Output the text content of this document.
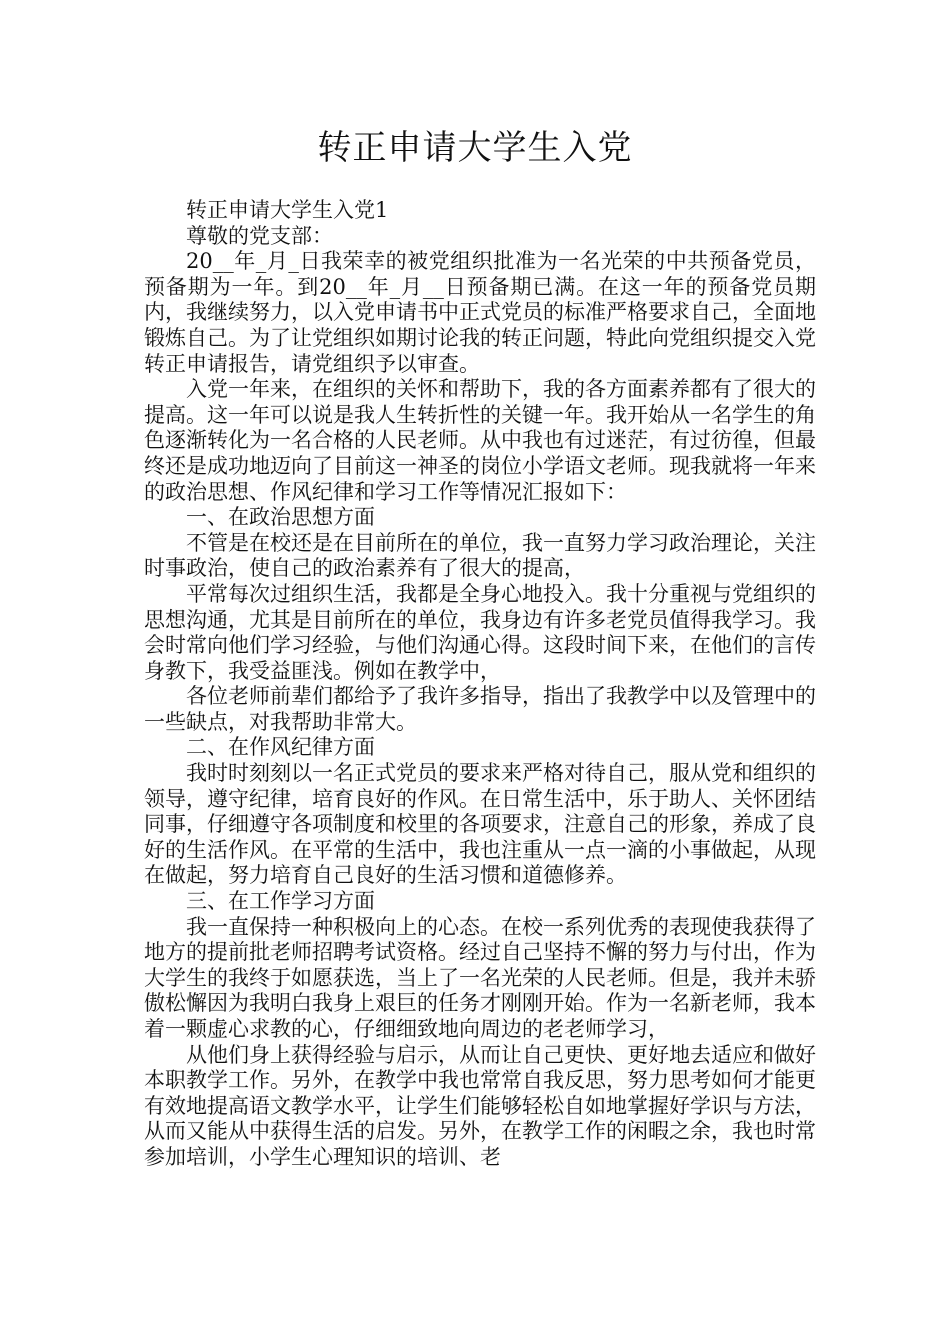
转正申请大学生入党

转正申请大学生入党1

尊敬的党支部：

20__年_月_日我荣幸的被党组织批准为一名光荣的中共预备党员，预备期为一年。到20__年_月__日预备期已满。在这一年的预备党员期内，我继续努力，以入党申请书中正式党员的标准严格要求自己，全面地锻炼自己。为了让党组织如期讨论我的转正问题，特此向党组织提交入党转正申请报告，请党组织予以审查。

入党一年来，在组织的关怀和帮助下，我的各方面素养都有了很大的提高。这一年可以说是我人生转折性的关键一年。我开始从一名学生的角色逐渐转化为一名合格的人民老师。从中我也有过迷茫，有过彷徨，但最终还是成功地迈向了目前这一神圣的岗位小学语文老师。现我就将一年来的政治思想、作风纪律和学习工作等情况汇报如下：

一、在政治思想方面

不管是在校还是在目前所在的单位，我一直努力学习政治理论，关注时事政治，使自己的政治素养有了很大的提高，

平常每次过组织生活，我都是全身心地投入。我十分重视与党组织的思想沟通，尤其是目前所在的单位，我身边有许多老党员值得我学习。我会时常向他们学习经验，与他们沟通心得。这段时间下来，在他们的言传身教下，我受益匪浅。例如在教学中，

各位老师前辈们都给予了我许多指导，指出了我教学中以及管理中的一些缺点，对我帮助非常大。

二、在作风纪律方面

我时时刻刻以一名正式党员的要求来严格对待自己，服从党和组织的领导，遵守纪律，培育良好的作风。在日常生活中，乐于助人、关怀团结同事，仔细遵守各项制度和校里的各项要求，注意自己的形象，养成了良好的生活作风。在平常的生活中，我也注重从一点一滴的小事做起，从现在做起，努力培育自己良好的生活习惯和道德修养。

三、在工作学习方面

我一直保持一种积极向上的心态。在校一系列优秀的表现使我获得了地方的提前批老师招聘考试资格。经过自己坚持不懈的努力与付出，作为大学生的我终于如愿获选，当上了一名光荣的人民老师。但是，我并未骄傲松懈因为我明白我身上艰巨的任务才刚刚开始。作为一名新老师，我本着一颗虚心求教的心，仔细细致地向周边的老老师学习，

从他们身上获得经验与启示，从而让自己更快、更好地去适应和做好本职教学工作。另外，在教学中我也常常自我反思，努力思考如何才能更有效地提高语文教学水平，让学生们能够轻松自如地掌握好学识与方法，从而又能从中获得生活的启发。另外，在教学工作的闲暇之余，我也时常参加培训，小学生心理知识的培训、老
